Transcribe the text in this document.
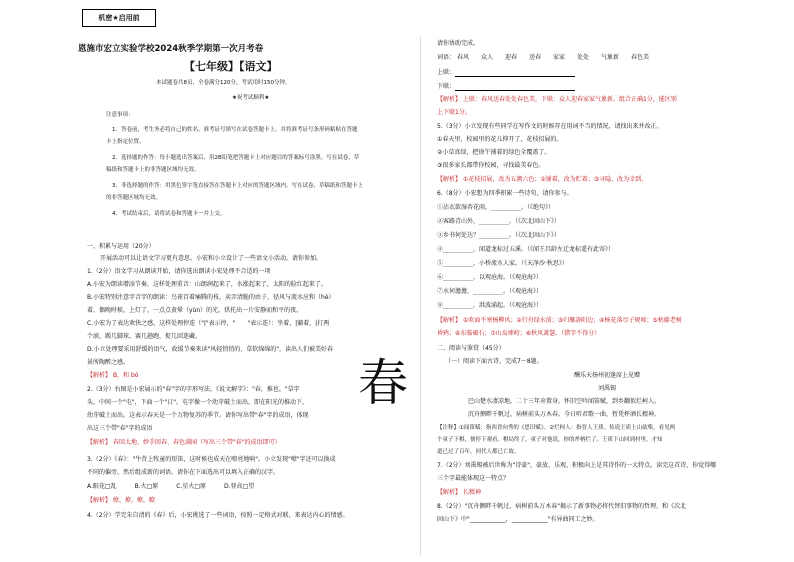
机密★启用前
恩施市宏立实验学校2024秋季学期第一次月考卷
【七年级】【语文】
本试题卷共8页，全卷满分120分，考试用时150分钟。
★祝考试顺利★
注意事项：
1．答卷前，考生务必将自己的姓名、准考证号填写在试卷答题卡上，并将准考证号条形码粘贴在答题
卡上指定位置。
2．选择题的作答：每小题选出答案后，用2B铅笔把答题卡上对应题目的答案标号涂黑。写在试卷、草
稿纸和答题卡上的非答题区域均无效。
3．非选择题的作答：用黑色签字笔直接答在答题卡上对应的答题区域内。写在试卷、草稿纸和答题卡上
的非答题区域均无效。
4．考试结束后，请将试卷和答题卡一并上交。
一、积累与运用（20分）
开展活动可以让语文学习更有意思。小宏和小立设计了一些语文小活动，请你参加。
1.（2分）语文学习从朗读开始，请你选出朗读小宏处理不合适的一项
A.小宏为朗读增添节奏，这样处理重音：山朗润起来了，水涨起来了，太阳的脸红起来了。
B.小宏特别注意字音字的朗读：鸟雀百着痛腾的枝，卖弄清脆的由子，径风与流水应和（hè）
着。偶晚时候，上灯了，一点点黄晕（yùn）的光，烘托出一片安静而和平的夜。
C.小宏为了表达欢快之感，这样处理停连（"|"表示停，"　　"表示连）：坐着，|躺着，|打两
个滚，踢几脚球，赛几趟跑，捉几回迷藏。
D.小立处理要采用舒缓的语气，故缓节奏来读"风轻悄悄的，草软绵绵的"，读出人们被美好春
景所陶醉之感。
【解析】 B，和 bó
2.（3分）右图是小宏展示的"春"字的字形写法。《说文解字》："春，推也。"草字
头，中间一个"屯"，下面一个"日"。屯字像一个幼芽破土而出，即在阳光的推动下，
幼芽破土而出。这表示春天是一个万物复苏的季节。请你写出带"春"字的成语，体现
出这三个带"春"字的成语
【解析】 春回大地、妙手回春、春色满园（写出三个带"春"的成语即可）
3.（2分）《春》："牛背上牧童的短笛，这时候也成天在嘹亮地响"。小立发现"嘹"字还可以换成
不同的偏旁，然后组成新的词语。请你在下面选出可以填入正确的汉字。
A.眼花□乱　　　B.火□原　　　C.星火□原　　　D.登高□望
【解析】 缭，燎，燎，瞭
4.（2分）学完朱自清的《春》后，小宏挑选了一些词语，按照一定格式对联，来表达内心的情感。
春
请你协助完成。
词语： 春风　　众人　　迎春　　送春　　家家　　处处　　气象新　　春色美
上联：
下联：
【解析】 上联：春风送春处处春色美，下联：众人迎春家家气象新。组合正确1分，能区别
上下联1分。
5.（3分）小立发现有些同学在写作文的时候存在用词不当的情况，请找出来并改正。
①春天里，校园里的花儿抑开了，花枝招展的。
②小草真绿，把徐午铺着的绿色全覆盖了。
③很多家长都带你校园，寻找最美春色。
【解析】 ①花枝招展，改为五颜六色；②铺着，改为贮着；③寻隐，改为幸到。
6.（8分）小宏想为四季积累一些诗句，请你参与。
①沾衣欲湿杏花雨，__________。（《绝句》）
②客路青山外，__________。（《次北固山下》）
③乡书何处达？__________。（《次北固山下》）
④__________，闻道龙标过五溪。（《闻王昌龄左迁龙标遥有此寄》）
⑤__________，小桥流水人家。（《天净沙·秋思》）
⑥__________，以观沧海。（《观沧海》）
⑦水何澹澹，__________。（《观沧海》）
⑧__________，洪波涌起。（《观沧海》）
【解析】 ①吹面不寒杨柳风；②行舟绿水前；③归雁洛阳边；④杨花落尽子规啼；⑤枯藤老树
昏鸦；⑥东临碣石；⑦山岛竦峙；⑧秋风萧瑟。（错字不得分）
二、阅读与鉴赏（45分）
（一）阅读下面古诗，完成7～8题。
酬乐天扬州初逢席上见赠
刘禹锡
巴山楚水凄凉地，二十三年弃置身。怀旧空吟闻笛赋，到乡翻似烂柯人。
沉舟侧畔千帆过，病树前头万木春。今日听君歌一曲，暂凭杯酒长精神。
【注释】①闻笛赋：指西晋向秀的《思旧赋》。②烂柯人：指晋人王质。传说王质上山砍柴，看见两
个童子下棋，便停下观看。棋局终了，童子对他说，你的斧柄烂了。王质下山回到村里，才知
道已过了百年，同代人都已亡故。
7.（2分）刘禹锡被后世称为"诗豪"，豪放、乐观、积极向上是其诗作的一大特点。读完这首诗，你觉得哪
三个字最能体现这一特点？
【解析】 长精神
8.（2分）"沉舟侧畔千帆过，病树前头万木春"揭示了新事物必将代替旧事物的哲理，和《次北
固山下》中"____________，____________"有异曲同工之妙。
